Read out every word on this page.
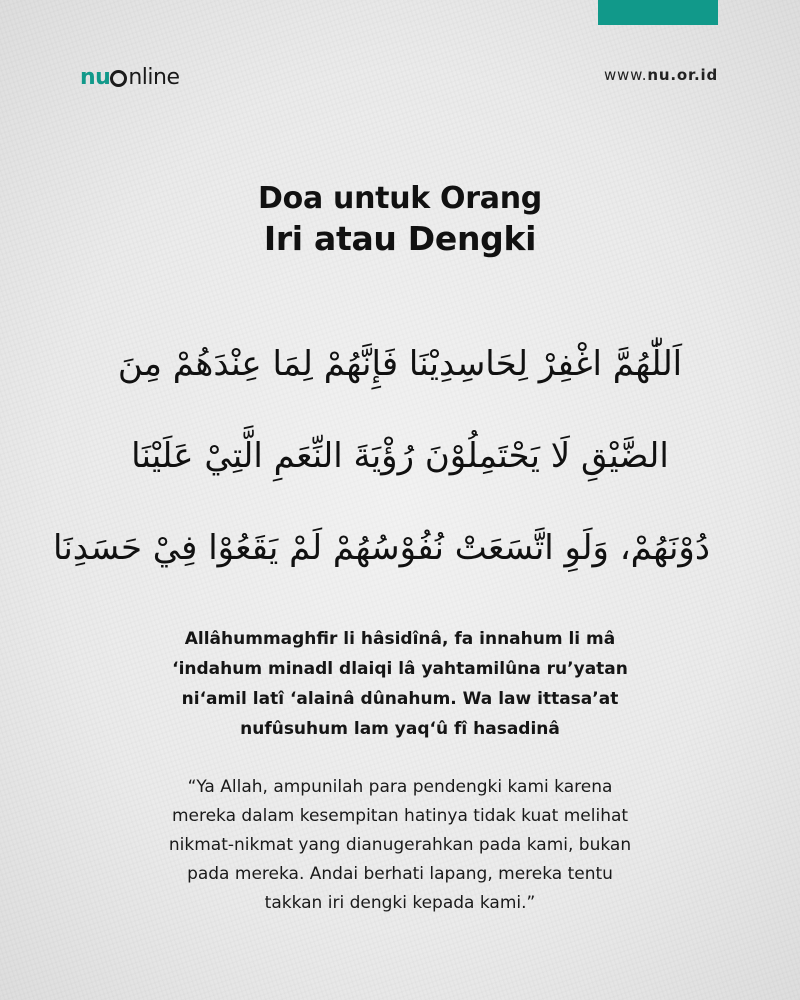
nu nline	www.nu.or.id
Doa untuk Orang
Iri atau Dengki
اَللّٰهُمَّ اغْفِرْ لِحَاسِدِيْنَا فَإِنَّهُمْ لِمَا عِنْدَهُمْ مِنَ
الضَّيْقِ لَا يَحْتَمِلُوْنَ رُؤْيَةَ النِّعَمِ الَّتِيْ عَلَيْنَا
دُوْنَهُمْ، وَلَوِ اتَّسَعَتْ نُفُوْسُهُمْ لَمْ يَقَعُوْا فِيْ حَسَدِنَا
Allâhummaghfir li hâsidînâ, fa innahum li mâ
‘indahum minadl dlaiqi lâ yahtamilûna ru’yatan
ni‘amil latî ‘alainâ dûnahum. Wa law ittasa’at
nufûsuhum lam yaq‘û fî hasadinâ
“Ya Allah, ampunilah para pendengki kami karena
mereka dalam kesempitan hatinya tidak kuat melihat
nikmat-nikmat yang dianugerahkan pada kami, bukan
pada mereka. Andai berhati lapang, mereka tentu
takkan iri dengki kepada kami.”
